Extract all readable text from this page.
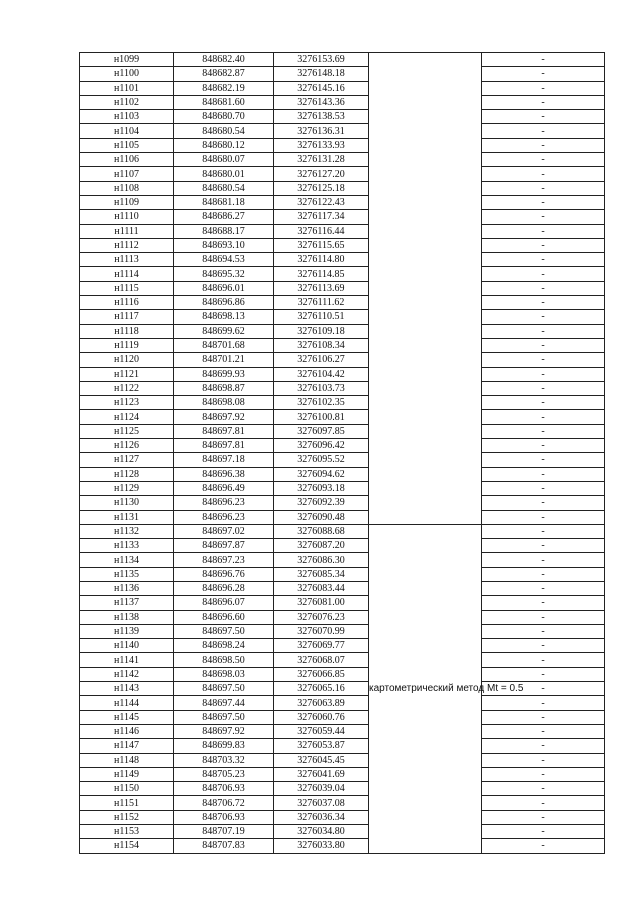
н1099	848682.40	3276153.69		-
н1100	848682.87	3276148.18		-
н1101	848682.19	3276145.16		-
н1102	848681.60	3276143.36		-
н1103	848680.70	3276138.53		-
н1104	848680.54	3276136.31		-
н1105	848680.12	3276133.93		-
н1106	848680.07	3276131.28		-
н1107	848680.01	3276127.20		-
н1108	848680.54	3276125.18		-
н1109	848681.18	3276122.43		-
н1110	848686.27	3276117.34		-
н1111	848688.17	3276116.44		-
н1112	848693.10	3276115.65		-
н1113	848694.53	3276114.80		-
н1114	848695.32	3276114.85		-
н1115	848696.01	3276113.69		-
н1116	848696.86	3276111.62		-
н1117	848698.13	3276110.51		-
н1118	848699.62	3276109.18		-
н1119	848701.68	3276108.34		-
н1120	848701.21	3276106.27		-
н1121	848699.93	3276104.42		-
н1122	848698.87	3276103.73		-
н1123	848698.08	3276102.35		-
н1124	848697.92	3276100.81		-
н1125	848697.81	3276097.85		-
н1126	848697.81	3276096.42		-
н1127	848697.18	3276095.52		-
н1128	848696.38	3276094.62		-
н1129	848696.49	3276093.18		-
н1130	848696.23	3276092.39		-
н1131	848696.23	3276090.48		-
н1132	848697.02	3276088.68	картометрический метод Mt = 0.5	-
н1133	848697.87	3276087.20		-
н1134	848697.23	3276086.30		-
н1135	848696.76	3276085.34		-
н1136	848696.28	3276083.44		-
н1137	848696.07	3276081.00		-
н1138	848696.60	3276076.23		-
н1139	848697.50	3276070.99		-
н1140	848698.24	3276069.77		-
н1141	848698.50	3276068.07		-
н1142	848698.03	3276066.85		-
н1143	848697.50	3276065.16		-
н1144	848697.44	3276063.89		-
н1145	848697.50	3276060.76		-
н1146	848697.92	3276059.44		-
н1147	848699.83	3276053.87		-
н1148	848703.32	3276045.45		-
н1149	848705.23	3276041.69		-
н1150	848706.93	3276039.04		-
н1151	848706.72	3276037.08		-
н1152	848706.93	3276036.34		-
н1153	848707.19	3276034.80		-
н1154	848707.83	3276033.80		-
